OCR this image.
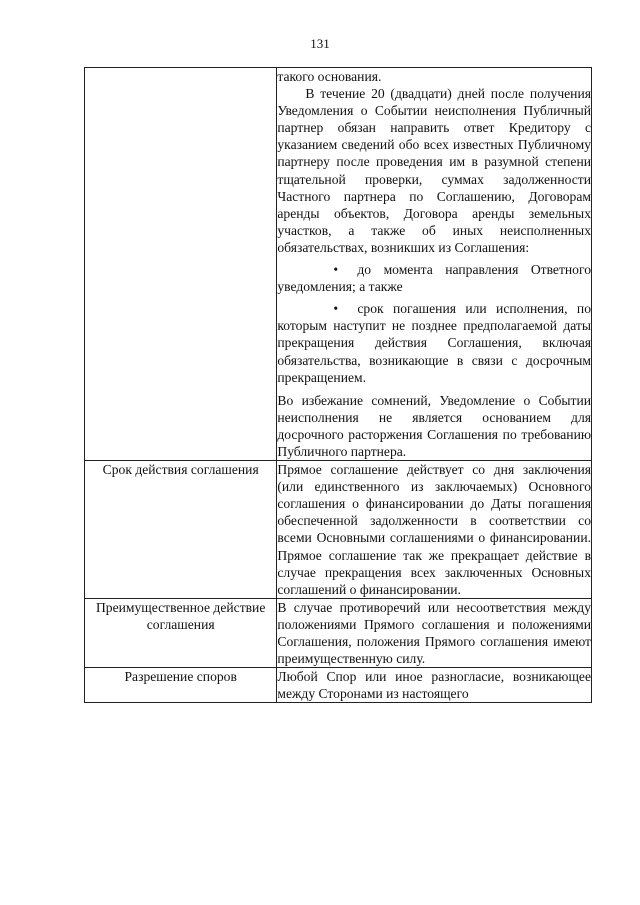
131

	такого основания.

В течение 20 (двадцати) дней после получения Уведомления о Событии неисполнения Публичный партнер обязан направить ответ Кредитору с указанием сведений обо всех известных Публичному партнеру после проведения им в разумной степени тщательной проверки, суммах задолженности Частного партнера по Соглашению, Договорам аренды объектов, Договора аренды земельных участков, а также об иных неисполненных обязательствах, возникших из Соглашения:

• до момента направления Ответного уведомления; а также

• срок погашения или исполнения, по которым наступит не позднее предполагаемой даты прекращения действия Соглашения, включая обязательства, возникающие в связи с досрочным прекращением.

Во избежание сомнений, Уведомление о Событии неисполнения не является основанием для досрочного расторжения Соглашения по требованию Публичного партнера.

Срок действия соглашения	Прямое соглашение действует со дня заключения (или единственного из заключаемых) Основного соглашения о финансировании до Даты погашения обеспеченной задолженности в соответствии со всеми Основными соглашениями о финансировании. Прямое соглашение так же прекращает действие в случае прекращения всех заключенных Основных соглашений о финансировании.

Преимущественное действие соглашения	В случае противоречий или несоответствия между положениями Прямого соглашения и положениями Соглашения, положения Прямого соглашения имеют преимущественную силу.

Разрешение споров	Любой Спор или иное разногласие, возникающее между Сторонами из настоящего
